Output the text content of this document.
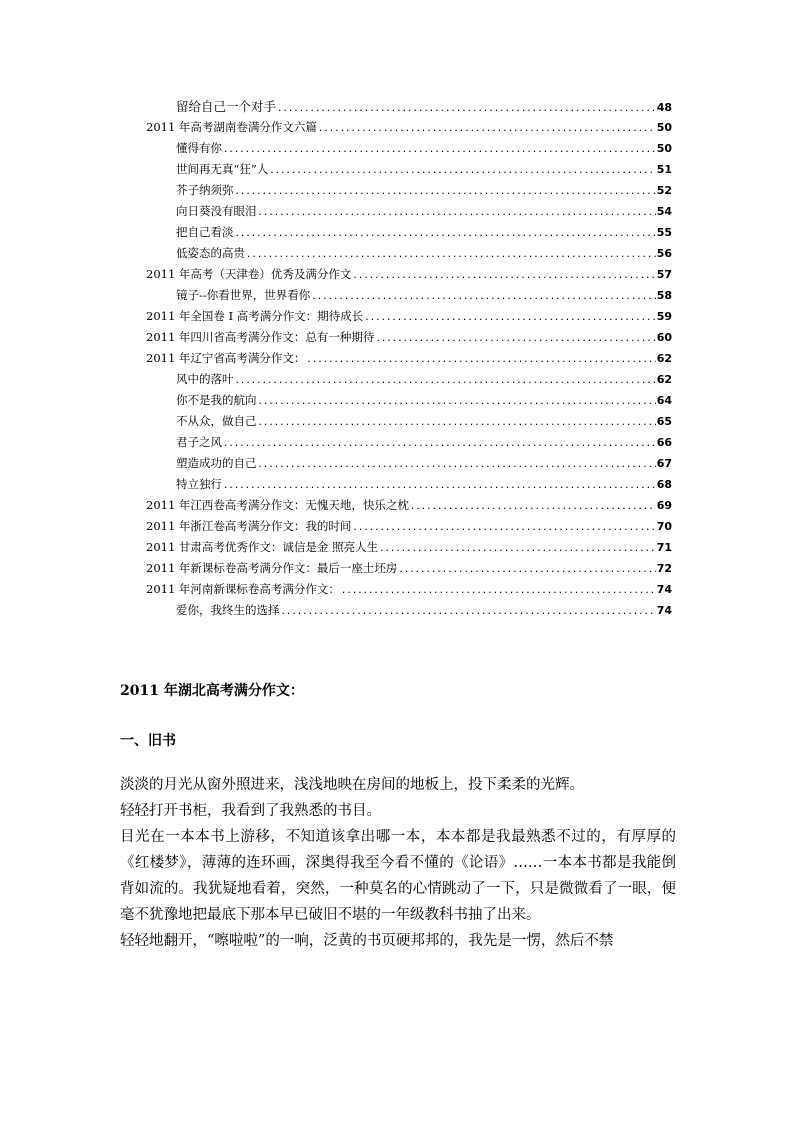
留给自己一个对手 .....	48
2011 年高考湖南卷满分作文六篇 .....	50
懂得有你 .....	50
世间再无真“狂”人 .....	51
芥子纳须弥 .....	52
向日葵没有眼泪 .....	54
把自己看淡 .....	55
低姿态的高贵 .....	56
2011 年高考（天津卷）优秀及满分作文 .....	57
镜子--你看世界，世界看你 .....	58
2011 年全国卷 I 高考满分作文：期待成长 .....	59
2011 年四川省高考满分作文：总有一种期待 .....	60
2011 年辽宁省高考满分作文： .....	62
风中的落叶 .....	62
你不是我的航向 .....	64
不从众，做自己 .....	65
君子之风 .....	66
塑造成功的自己 .....	67
特立独行 .....	68
2011 年江西卷高考满分作文：无愧天地，快乐之枕 .....	69
2011 年浙江卷高考满分作文：我的时间 .....	70
2011 甘肃高考优秀作文：诚信是金 照亮人生 .....	71
2011 年新课标卷高考满分作文：最后一座土坯房 .....	72
2011 年河南新课标卷高考满分作文： .....	74
爱你，我终生的选择 .....	74
2011 年湖北高考满分作文：
一、旧书

淡淡的月光从窗外照进来，浅浅地映在房间的地板上，投下柔柔的光辉。

轻轻打开书柜，我看到了我熟悉的书目。

目光在一本本书上游移，不知道该拿出哪一本，本本都是我最熟悉不过的，有厚厚的《红楼梦》，薄薄的连环画，深奥得我至今看不懂的《论语》……一本本书都是我能倒背如流的。我犹疑地看着，突然，一种莫名的心情跳动了一下，只是微微看了一眼，便毫不犹豫地把最底下那本早已破旧不堪的一年级教科书抽了出来。

轻轻地翻开，“嚓啦啦”的一响，泛黄的书页硬邦邦的，我先是一愣，然后不禁
